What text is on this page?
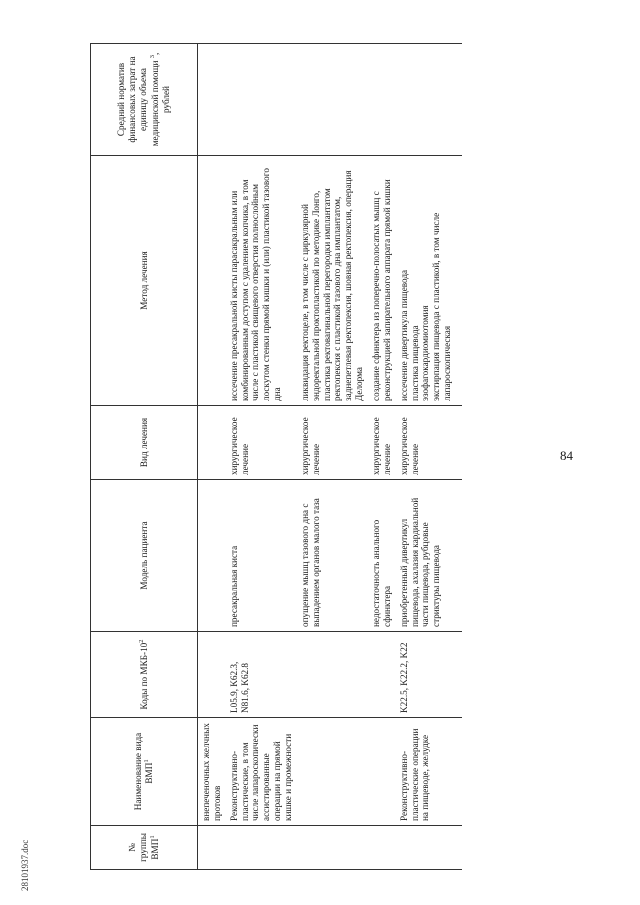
84
28101937.doc	№ группы ВМП$^1$	Наименование вида ВМП$^1$	Коды по МКБ-$10^2$	Модель пациента	Вид лечения	Метод лечения	Средний норматив финансовых затрат на единицу объема медицинской помощи $^3$, рублей

	внепеченочных желчных протоков					

	Реконструктивно-пластические, в том числе лапароскопически ассистированные операции на прямой кишке и промежности	L05.9, K62.3, N81.6, K62.8	пресакральная киста	хирургическое лечение	иссечение пресакральной кисты парасакральным или комбинированным доступом с удалением копчика, в том числе с пластикой свищевого отверстия полнослойным лоскутом стенки прямой кишки и (или) пластикой тазового дна	

			опущение мышц тазового дна с выпадением органов малого таза	хирургическое лечение	ликвидация ректоцеле, в том числе с циркулярной эндоректальной проктопластикой по методике Лонго, пластика ректовагинальной перегородки имплантатом
ректопексия с пластикой тазового дна имплантатом, заднепетлевая ректопексия, шовная ректопексия, операция Делорма	

			недостаточность анального сфинктера	хирургическое лечение	создание сфинктера из поперечно-полосатых мышц с реконструкцией запирательного аппарата прямой кишки	

	Реконструктивно-пластические операции на пищеводе, желудке	K22.5, K22.2, K22	приобретенный дивертикул пищевода, ахалазия кардиальной части пищевода, рубцовые стриктуры пищевода	хирургическое лечение	иссечение дивертикула пищевода
пластика пищевода
эзофагокардиомиотомия
экстирпация пищевода с пластикой, в том числе лапароскопическая	
